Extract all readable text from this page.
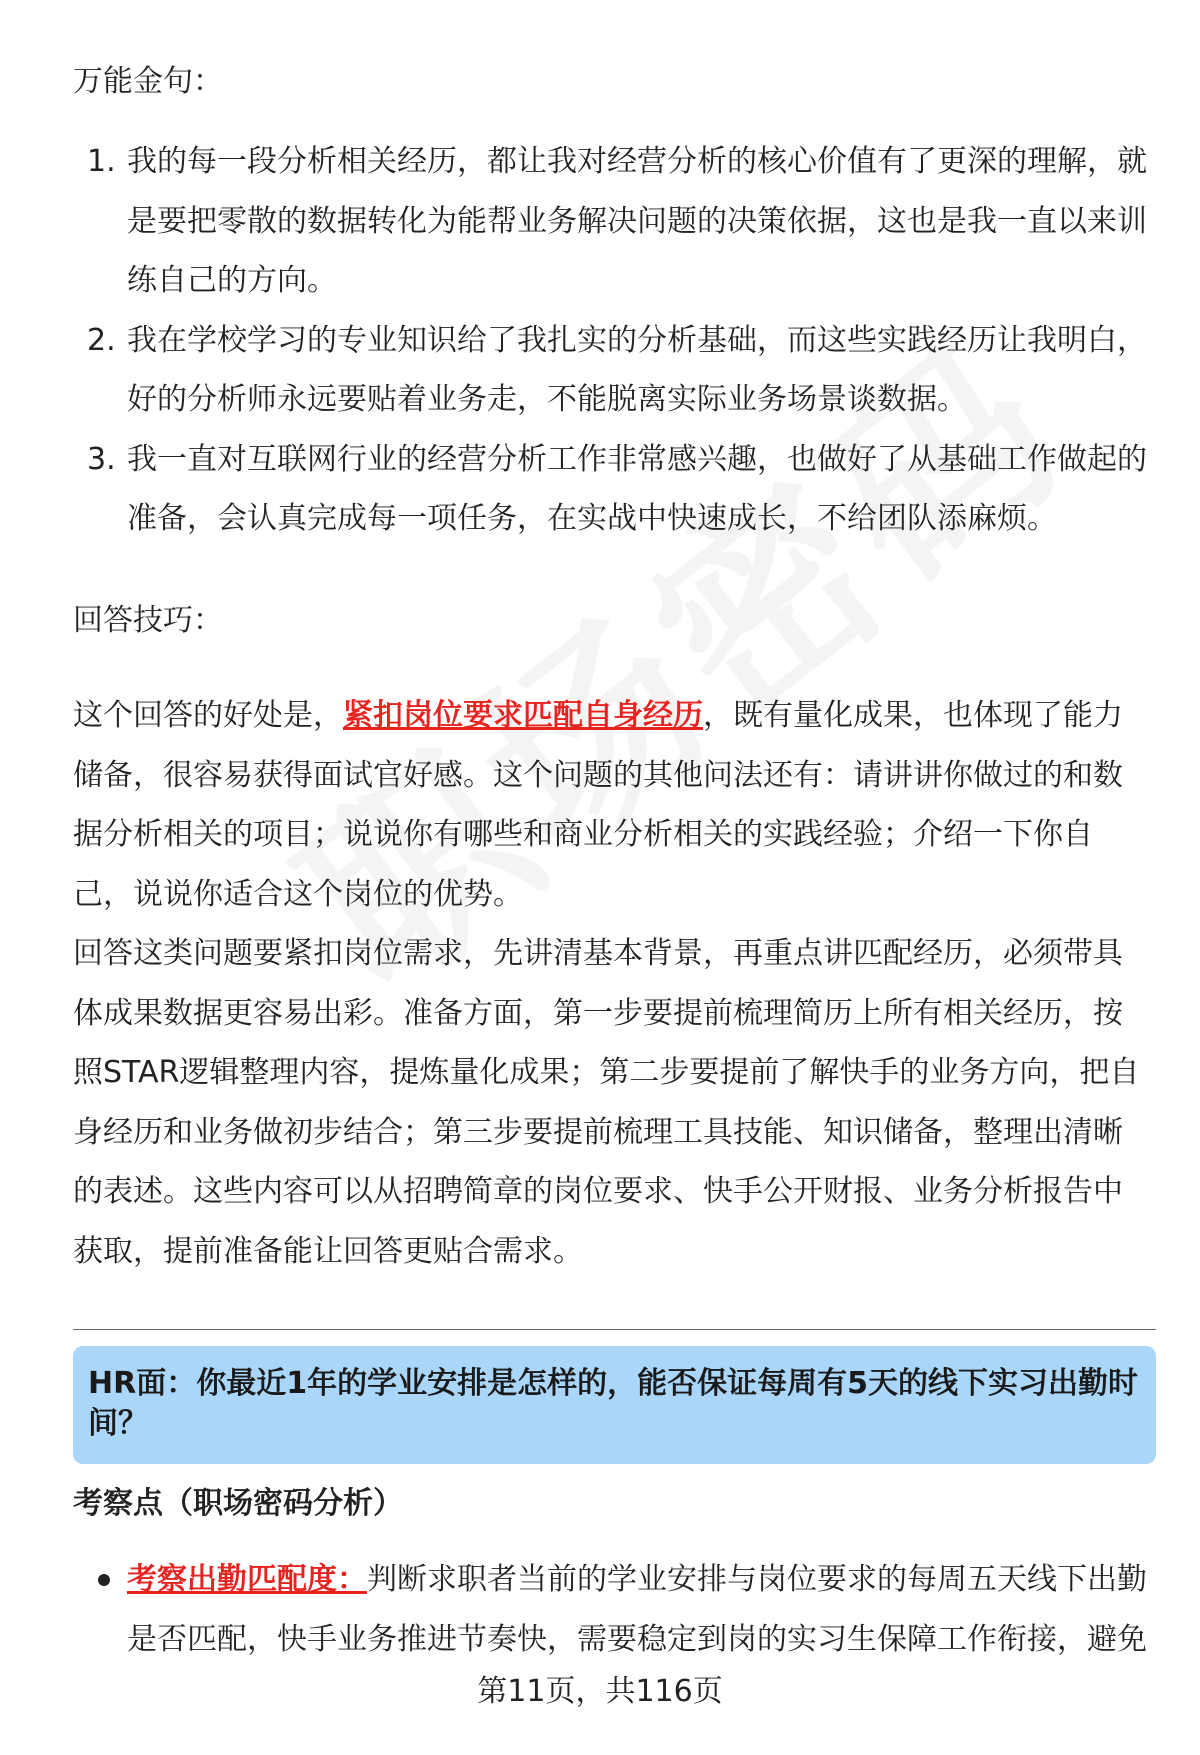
万能金句：

1. 我的每一段分析相关经历，都让我对经营分析的核心价值有了更深的理解，就是要把零散的数据转化为能帮业务解决问题的决策依据，这也是我一直以来训练自己的方向。
2. 我在学校学习的专业知识给了我扎实的分析基础，而这些实践经历让我明白，好的分析师永远要贴着业务走，不能脱离实际业务场景谈数据。
3. 我一直对互联网行业的经营分析工作非常感兴趣，也做好了从基础工作做起的准备，会认真完成每一项任务，在实战中快速成长，不给团队添麻烦。

回答技巧：

这个回答的好处是，紧扣岗位要求匹配自身经历，既有量化成果，也体现了能力储备，很容易获得面试官好感。这个问题的其他问法还有：请讲讲你做过的和数据分析相关的项目；说说你有哪些和商业分析相关的实践经验；介绍一下你自己，说说你适合这个岗位的优势。

回答这类问题要紧扣岗位需求，先讲清基本背景，再重点讲匹配经历，必须带具体成果数据更容易出彩。准备方面，第一步要提前梳理简历上所有相关经历，按照STAR逻辑整理内容，提炼量化成果；第二步要提前了解快手的业务方向，把自身经历和业务做初步结合；第三步要提前梳理工具技能、知识储备，整理出清晰的表述。这些内容可以从招聘简章的岗位要求、快手公开财报、业务分析报告中获取，提前准备能让回答更贴合需求。

HR面：你最近1年的学业安排是怎样的，能否保证每周有5天的线下实习出勤时间？

考察点（职场密码分析）

考察出勤匹配度：判断求职者当前的学业安排与岗位要求的每周五天线下出勤是否匹配，快手业务推进节奏快，需要稳定到岗的实习生保障工作衔接，避免

第11页，共116页
